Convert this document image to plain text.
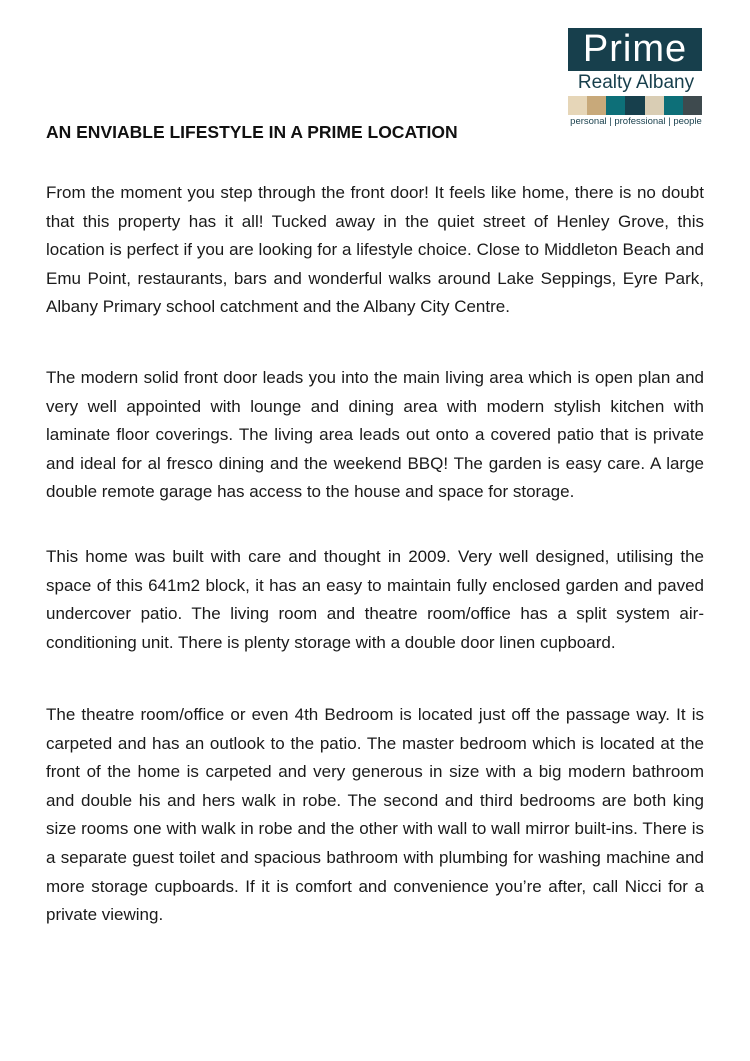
Prime
Realty Albany
personal | professional | people
AN ENVIABLE LIFESTYLE IN A PRIME LOCATION

From the moment you step through the front door! It feels like home, there is no doubt that this property has it all! Tucked away in the quiet street of Henley Grove, this location is perfect if you are looking for a lifestyle choice. Close to Middleton Beach and Emu Point, restaurants, bars and wonderful walks around Lake Seppings, Eyre Park, Albany Primary school catchment and the Albany City Centre.

The modern solid front door leads you into the main living area which is open plan and very well appointed with lounge and dining area with modern stylish kitchen with laminate floor coverings. The living area leads out onto a covered patio that is private and ideal for al fresco dining and the weekend BBQ! The garden is easy care. A large double remote garage has access to the house and space for storage.

This home was built with care and thought in 2009. Very well designed, utilising the space of this 641m2 block, it has an easy to maintain fully enclosed garden and paved undercover patio. The living room and theatre room/office has a split system air-conditioning unit. There is plenty storage with a double door linen cupboard.

The theatre room/office or even 4th Bedroom is located just off the passage way. It is carpeted and has an outlook to the patio. The master bedroom which is located at the front of the home is carpeted and very generous in size with a big modern bathroom and double his and hers walk in robe. The second and third bedrooms are both king size rooms one with walk in robe and the other with wall to wall mirror built-ins. There is a separate guest toilet and spacious bathroom with plumbing for washing machine and more storage cupboards. If it is comfort and convenience you’re after, call Nicci for a private viewing.
